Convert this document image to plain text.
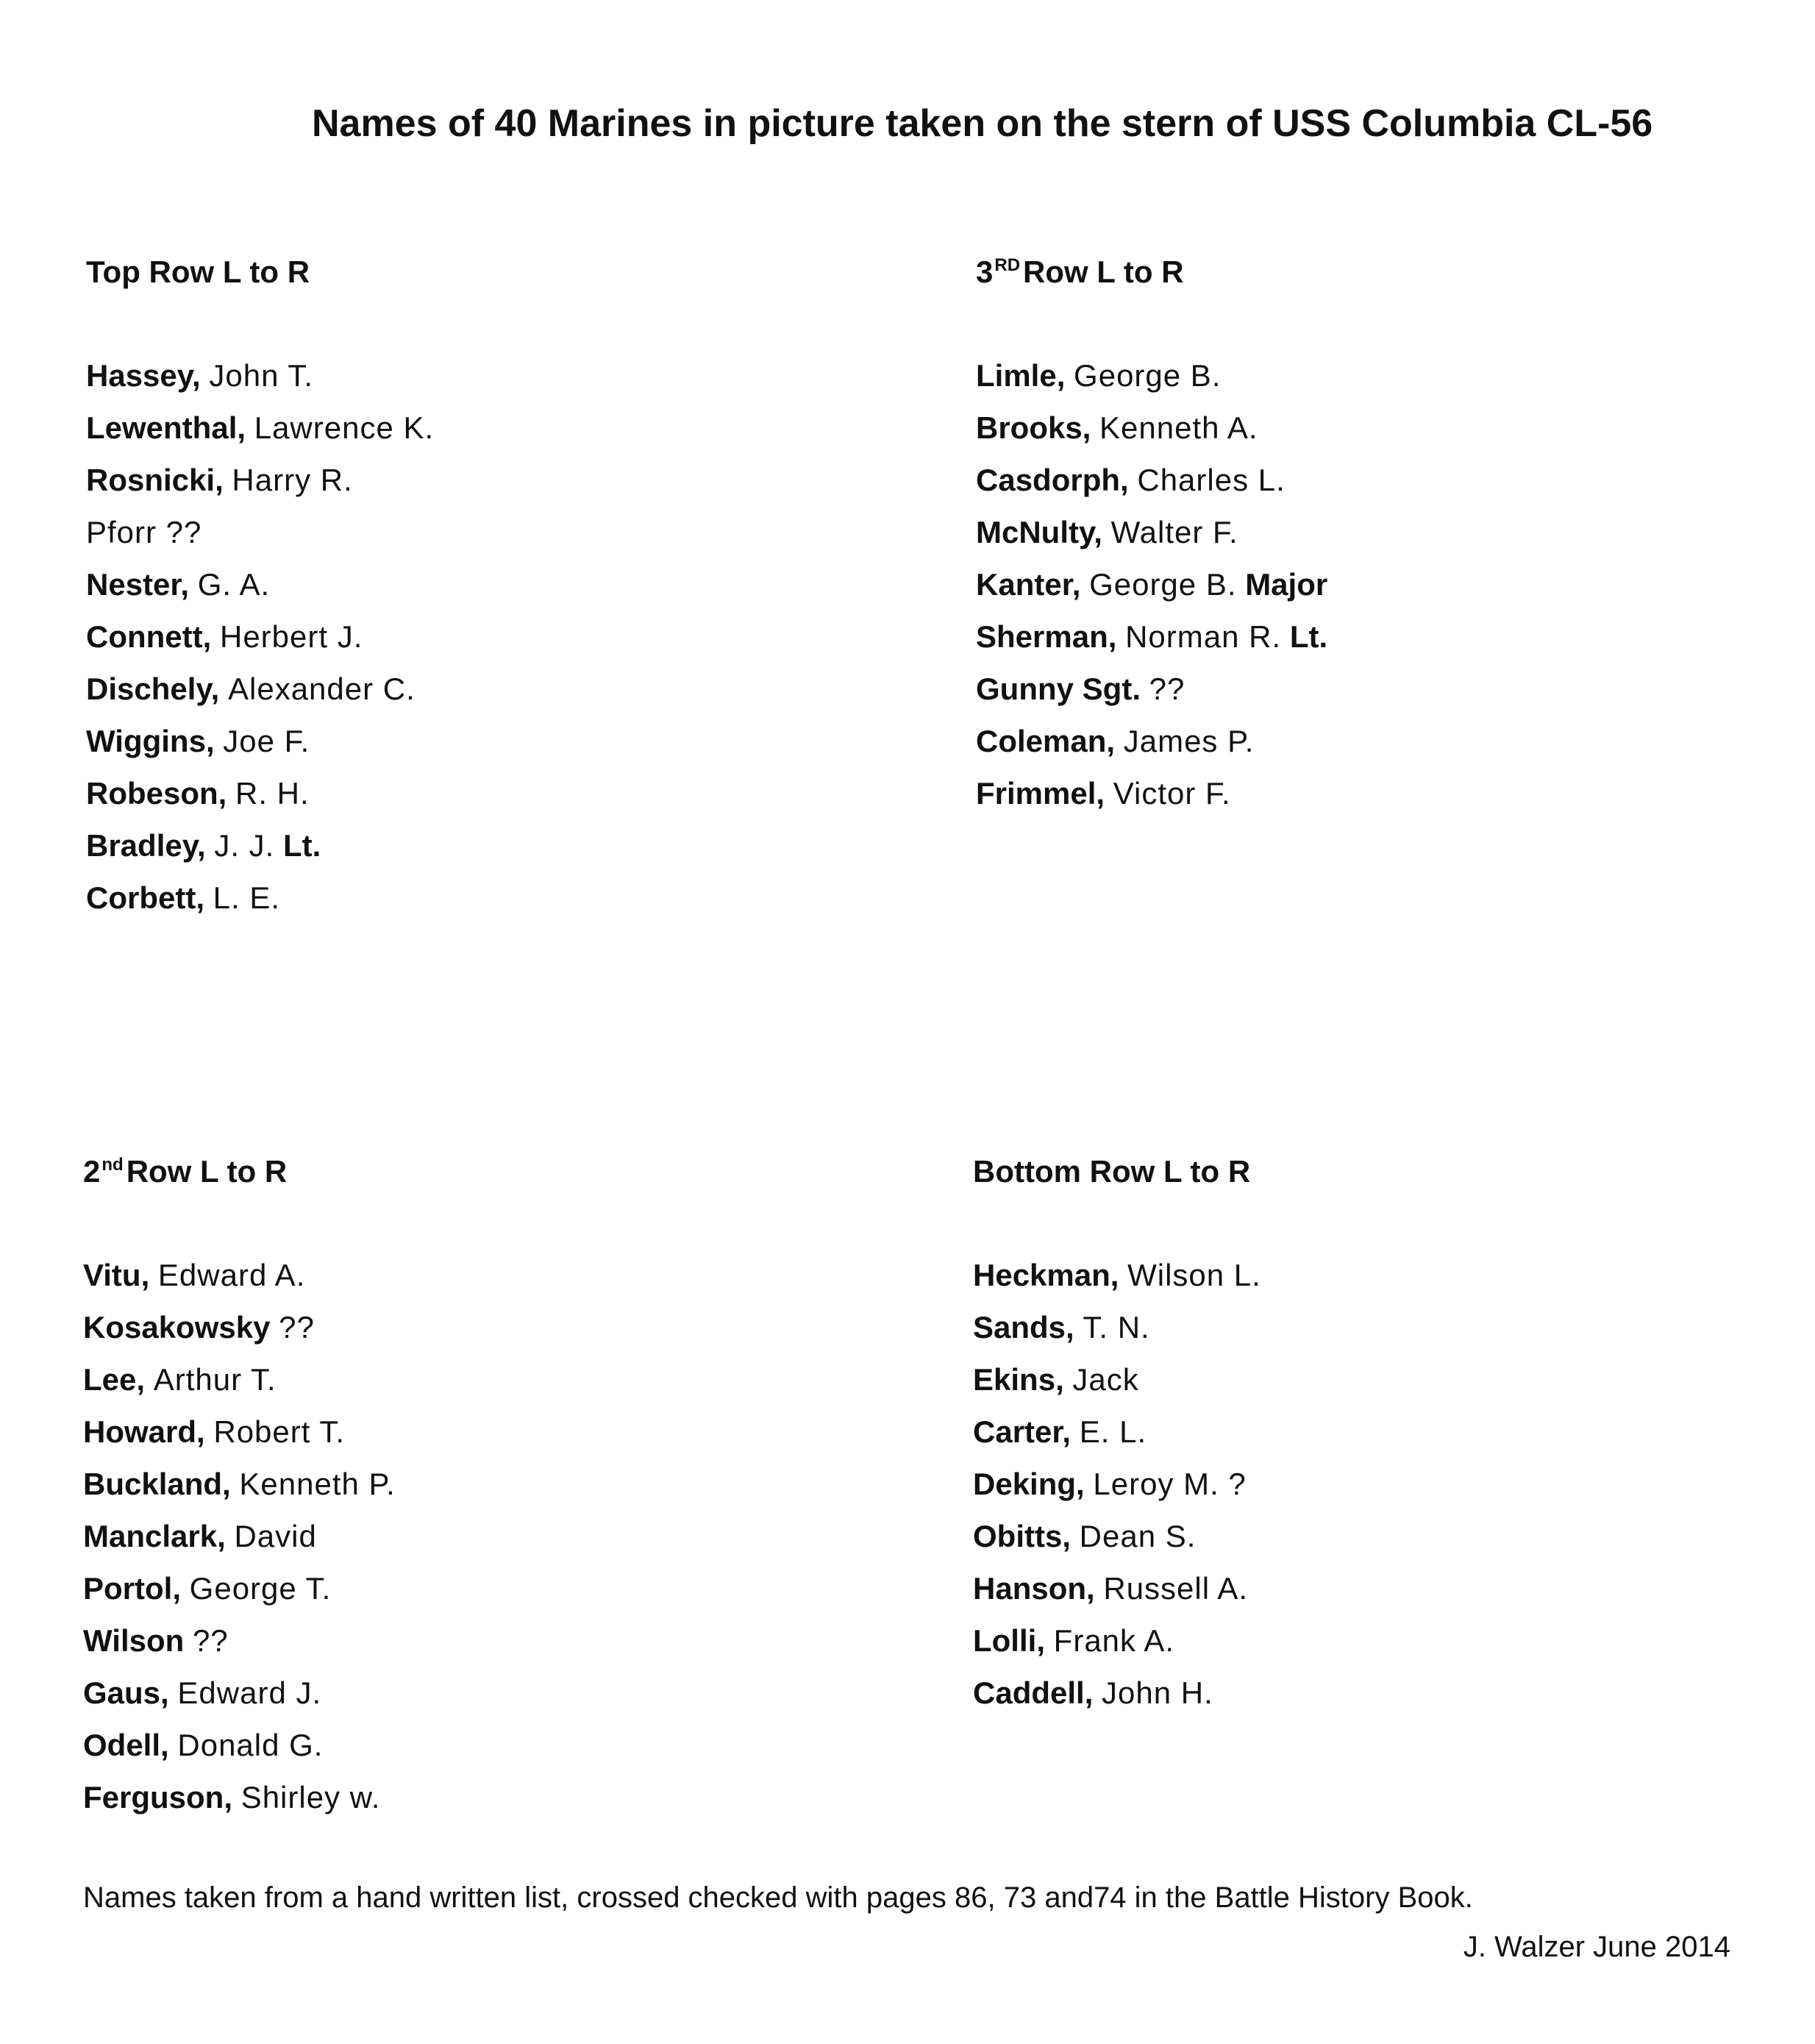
Names of 40 Marines in picture taken on the stern of USS Columbia CL-56
Top Row L to R
Hassey, John T.
Lewenthal, Lawrence K.
Rosnicki, Harry R.
Pforr ??
Nester, G. A.
Connett, Herbert J.
Dischely, Alexander C.
Wiggins, Joe F.
Robeson, R. H.
Bradley, J. J. Lt.
Corbett, L. E.
3RDRow L to R
Limle, George B.
Brooks, Kenneth A.
Casdorph, Charles L.
McNulty, Walter F.
Kanter, George B. Major
Sherman, Norman R. Lt.
Gunny Sgt. ??
Coleman, James P.
Frimmel, Victor F.
2ndRow L to R
Vitu, Edward A.
Kosakowsky ??
Lee, Arthur T.
Howard, Robert T.
Buckland, Kenneth P.
Manclark, David
Portol, George T.
Wilson ??
Gaus, Edward J.
Odell, Donald G.
Ferguson, Shirley w.
Bottom Row L to R
Heckman, Wilson L.
Sands, T. N.
Ekins, Jack
Carter, E. L.
Deking, Leroy M. ?
Obitts, Dean S.
Hanson, Russell A.
Lolli, Frank A.
Caddell, John H.
Names taken from a hand written list, crossed checked with pages 86, 73 and74 in the Battle History Book.
J. Walzer June 2014
